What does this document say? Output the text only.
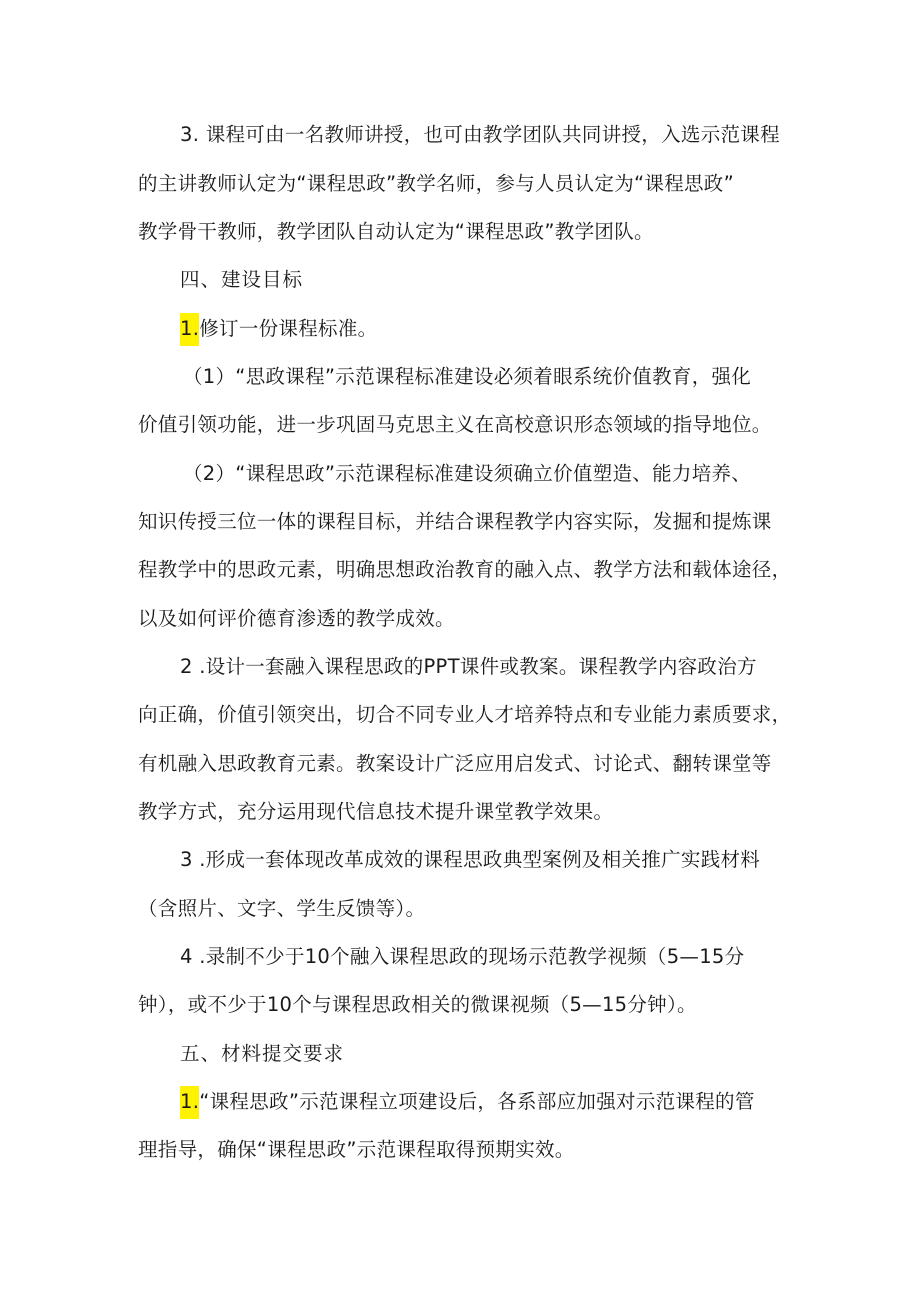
3. 课程可由一名教师讲授，也可由教学团队共同讲授，入选示范课程
的主讲教师认定为“课程思政”教学名师，参与人员认定为“课程思政”
教学骨干教师，教学团队自动认定为“课程思政”教学团队。
四、建设目标
1.修订一份课程标准。
（1）“思政课程”示范课程标准建设必须着眼系统价值教育，强化
价值引领功能，进一步巩固马克思主义在高校意识形态领域的指导地位。
（2）“课程思政”示范课程标准建设须确立价值塑造、能力培养、
知识传授三位一体的课程目标，并结合课程教学内容实际，发掘和提炼课
程教学中的思政元素，明确思想政治教育的融入点、教学方法和载体途径，
以及如何评价德育渗透的教学成效。
2 .设计一套融入课程思政的PPT课件或教案。课程教学内容政治方
向正确，价值引领突出，切合不同专业人才培养特点和专业能力素质要求，
有机融入思政教育元素。教案设计广泛应用启发式、讨论式、翻转课堂等
教学方式，充分运用现代信息技术提升课堂教学效果。
3 .形成一套体现改革成效的课程思政典型案例及相关推广实践材料
（含照片、文字、学生反馈等）。
4 .录制不少于10个融入课程思政的现场示范教学视频（5—15分
钟），或不少于10个与课程思政相关的微课视频（5—15分钟）。
五、材料提交要求
1.“课程思政”示范课程立项建设后，各系部应加强对示范课程的管
理指导，确保“课程思政”示范课程取得预期实效。
